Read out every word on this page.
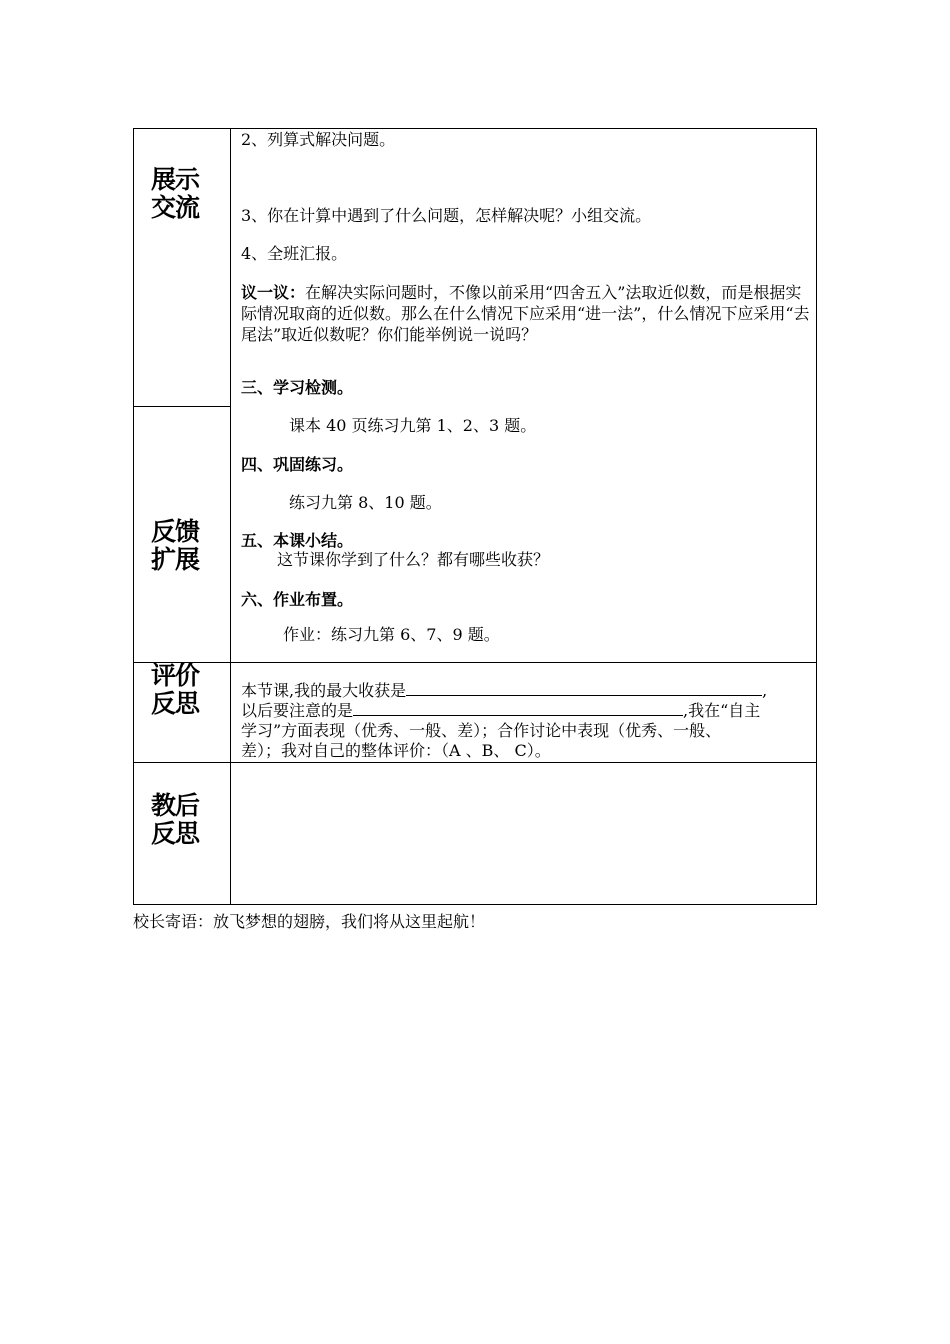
展示
交流
反馈
扩展
评价
反思
教后
反思
2、列算式解决问题。
3、你在计算中遇到了什么问题，怎样解决呢？小组交流。
4、全班汇报。
议一议：在解决实际问题时，不像以前采用“四舍五入”法取近似数，而是根据实际情况取商的近似数。那么在什么情况下应采用“进一法”，什么情况下应采用“去尾法”取近似数呢？你们能举例说一说吗？
三、学习检测。
课本 40 页练习九第 1、2、3 题。
四、巩固练习。
练习九第 8、10 题。
五、本课小结。
这节课你学到了什么？都有哪些收获？
六、作业布置。
作业：练习九第 6、7、9 题。
本节课,我的最大收获是	,
以后要注意的是	,我在“自主
学习”方面表现（优秀、一般、差）；合作讨论中表现（优秀、一般、
差）；我对自己的整体评价：（A 、B、 C）。
校长寄语：放飞梦想的翅膀，我们将从这里起航！
